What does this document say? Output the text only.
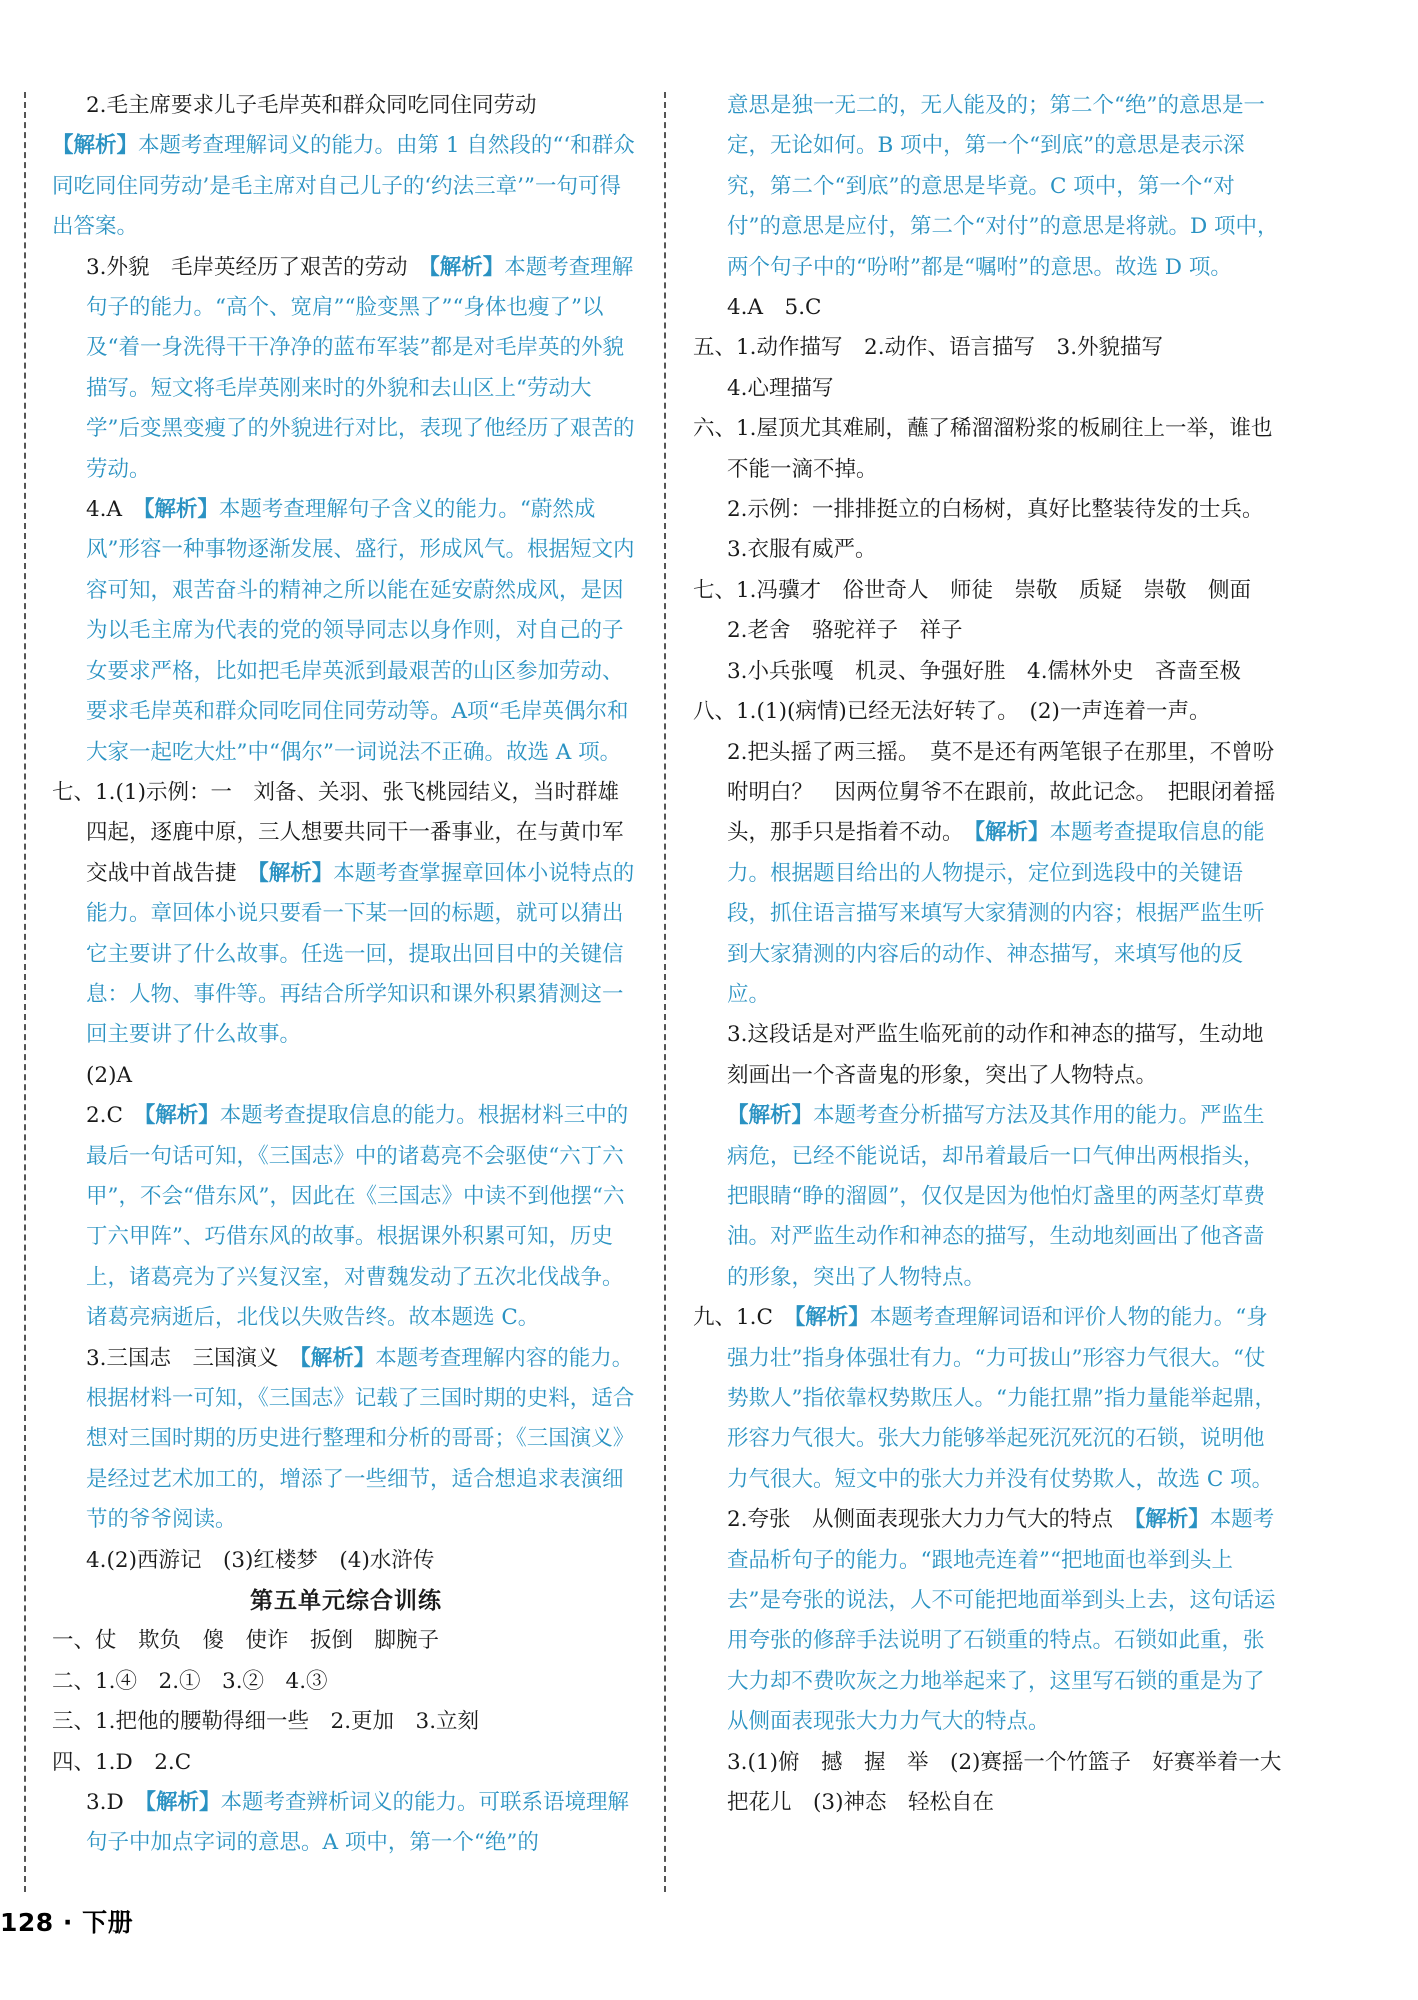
2.毛主席要求儿子毛岸英和群众同吃同住同劳动

【解析】本题考查理解词义的能力。由第 1 自然段的“‘和群众同吃同住同劳动’是毛主席对自己儿子的‘约法三章’”一句可得出答案。

3.外貌　毛岸英经历了艰苦的劳动　 【解析】本题考查理解句子的能力。“高个、宽肩”“脸变黑了”“身体也瘦了”以及“着一身洗得干干净净的蓝布军装”都是对毛岸英的外貌描写。短文将毛岸英刚来时的外貌和去山区上“劳动大学”后变黑变瘦了的外貌进行对比，表现了他经历了艰苦的劳动。

4.A　 【解析】本题考查理解句子含义的能力。“蔚然成风”形容一种事物逐渐发展、盛行，形成风气。根据短文内容可知，艰苦奋斗的精神之所以能在延安蔚然成风，是因为以毛主席为代表的党的领导同志以身作则，对自己的子女要求严格，比如把毛岸英派到最艰苦的山区参加劳动、要求毛岸英和群众同吃同住同劳动等。A项“毛岸英偶尔和大家一起吃大灶”中“偶尔”一词说法不正确。故选 A 项。

七、1.(1)示例：一　刘备、关羽、张飞桃园结义，当时群雄四起，逐鹿中原，三人想要共同干一番事业，在与黄巾军交战中首战告捷　 【解析】本题考查掌握章回体小说特点的能力。章回体小说只要看一下某一回的标题，就可以猜出它主要讲了什么故事。任选一回，提取出回目中的关键信息：人物、事件等。再结合所学知识和课外积累猜测这一回主要讲了什么故事。

(2)A

2.C　 【解析】本题考查提取信息的能力。根据材料三中的最后一句话可知，《三国志》中的诸葛亮不会驱使“六丁六甲”，不会“借东风”，因此在《三国志》中读不到他摆“六丁六甲阵”、巧借东风的故事。根据课外积累可知，历史上，诸葛亮为了兴复汉室，对曹魏发动了五次北伐战争。诸葛亮病逝后，北伐以失败告终。故本题选 C。

3.三国志　三国演义　 【解析】本题考查理解内容的能力。根据材料一可知，《三国志》记载了三国时期的史料，适合想对三国时期的历史进行整理和分析的哥哥；《三国演义》是经过艺术加工的，增添了一些细节，适合想追求表演细节的爷爷阅读。

4.(2)西游记　(3)红楼梦　(4)水浒传

第五单元综合训练

一、仗　欺负　傻　使诈　扳倒　脚腕子

二、1.④　2.①　3.②　4.③

三、1.把他的腰勒得细一些　2.更加　3.立刻

四、1.D　2.C

3.D　 【解析】本题考查辨析词义的能力。可联系语境理解句子中加点字词的意思。A 项中，第一个“绝”的

意思是独一无二的，无人能及的；第二个“绝”的意思是一定，无论如何。B 项中，第一个“到底”的意思是表示深究，第二个“到底”的意思是毕竟。C 项中，第一个“对付”的意思是应付，第二个“对付”的意思是将就。D 项中，两个句子中的“吩咐”都是“嘱咐”的意思。故选 D 项。

4.A　5.C

五、1.动作描写　2.动作、语言描写　3.外貌描写

4.心理描写

六、1.屋顶尤其难刷，蘸了稀溜溜粉浆的板刷往上一举，谁也不能一滴不掉。

2.示例：一排排挺立的白杨树，真好比整装待发的士兵。

3.衣服有威严。

七、1.冯骥才　俗世奇人　师徒　崇敬　质疑　崇敬　侧面

2.老舍　骆驼祥子　祥子

3.小兵张嘎　机灵、争强好胜　4.儒林外史　吝啬至极

八、1.(1)(病情)已经无法好转了。　(2)一声连着一声。

2.把头摇了两三摇。　莫不是还有两笔银子在那里，不曾吩咐明白？　因两位舅爷不在跟前，故此记念。　把眼闭着摇头，那手只是指着不动。　 【解析】本题考查提取信息的能力。根据题目给出的人物提示，定位到选段中的关键语段，抓住语言描写来填写大家猜测的内容；根据严监生听到大家猜测的内容后的动作、神态描写，来填写他的反应。

3.这段话是对严监生临死前的动作和神态的描写，生动地刻画出一个吝啬鬼的形象，突出了人物特点。

【解析】本题考查分析描写方法及其作用的能力。严监生病危，已经不能说话，却吊着最后一口气伸出两根指头，把眼睛“睁的溜圆”，仅仅是因为他怕灯盏里的两茎灯草费油。对严监生动作和神态的描写，生动地刻画出了他吝啬的形象，突出了人物特点。

九、1.C　 【解析】本题考查理解词语和评价人物的能力。“身强力壮”指身体强壮有力。“力可拔山”形容力气很大。“仗势欺人”指依靠权势欺压人。“力能扛鼎”指力量能举起鼎，形容力气很大。张大力能够举起死沉死沉的石锁，说明他力气很大。短文中的张大力并没有仗势欺人，故选 C 项。

2.夸张　从侧面表现张大力力气大的特点　 【解析】本题考查品析句子的能力。“跟地壳连着”“把地面也举到头上去”是夸张的说法，人不可能把地面举到头上去，这句话运用夸张的修辞手法说明了石锁重的特点。石锁如此重，张大力却不费吹灰之力地举起来了，这里写石锁的重是为了从侧面表现张大力力气大的特点。

3.(1)俯　撼　握　举　(2)赛摇一个竹篮子　好赛举着一大把花儿　(3)神态　轻松自在

128 · 下册
